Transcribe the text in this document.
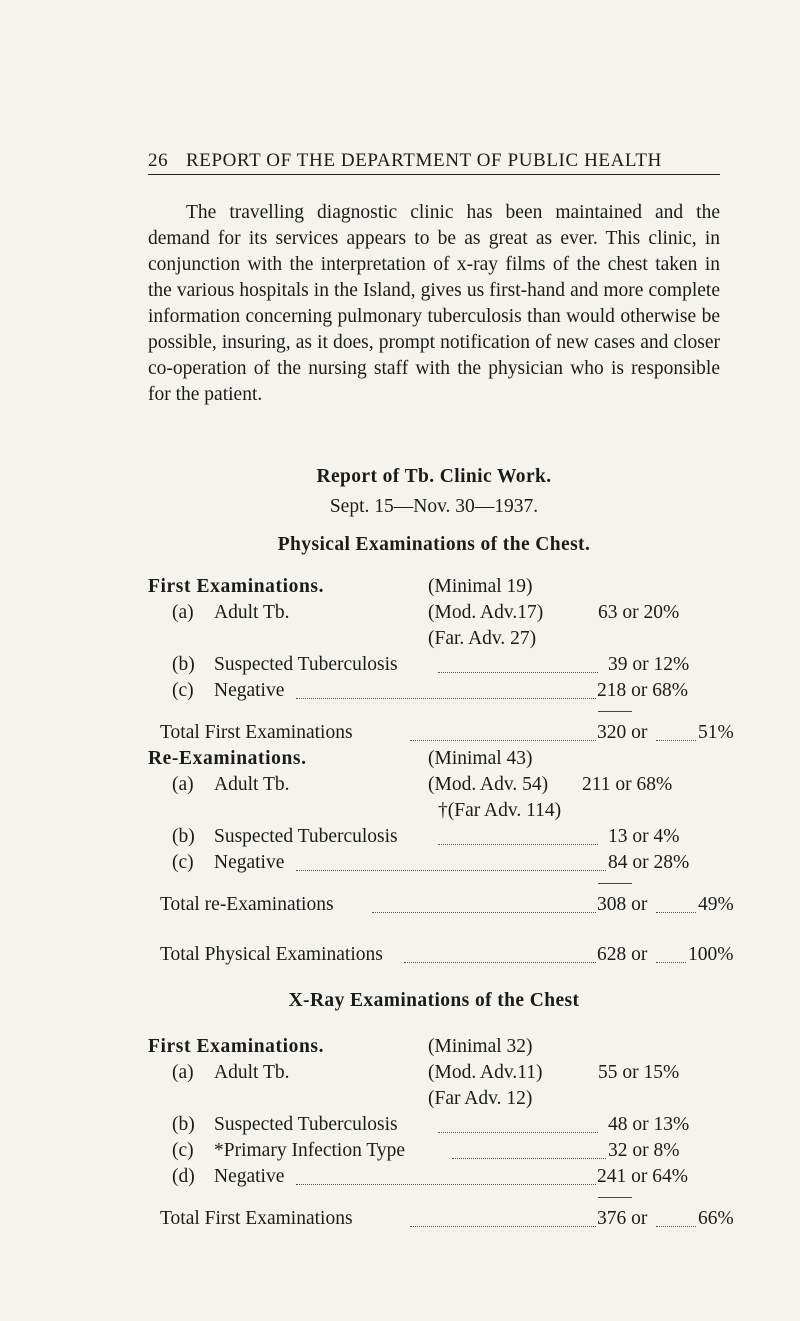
26 REPORT OF THE DEPARTMENT OF PUBLIC HEALTH

The travelling diagnostic clinic has been maintained and the demand for its services appears to be as great as ever. This clinic, in conjunction with the interpretation of x-ray films of the chest taken in the various hospitals in the Island, gives us first-hand and more complete information concerning pulmonary tuberculosis than would otherwise be possible, insuring, as it does, prompt notification of new cases and closer co-operation of the nursing staff with the physician who is responsible for the patient.

Report of Tb. Clinic Work.
Sept. 15—Nov. 30—1937.
Physical Examinations of the Chest.
First Examinations.	(Minimal 19)
(a) Adult Tb.	(Mod. Adv.17)	63 or 20%
(Far. Adv. 27)
(b) Suspected Tuberculosis	39 or 12%
(c) Negative	218 or 68%
Total First Examinations	320 or	51%
Re-Examinations.	(Minimal 43)
(a) Adult Tb.	(Mod. Adv. 54) 211 or 68%
†(Far Adv. 114)
(b) Suspected Tuberculosis	13 or 4%
(c) Negative	84 or 28%
Total re-Examinations	308 or	49%
Total Physical Examinations	628 or 100%
X-Ray Examinations of the Chest
First Examinations.	(Minimal 32)
(a) Adult Tb.	(Mod. Adv.11)	55 or 15%
(Far Adv. 12)
(b) Suspected Tuberculosis	48 or 13%
(c) *Primary Infection Type	32 or 8%
(d) Negative	241 or 64%
Total First Examinations	376 or	66%
